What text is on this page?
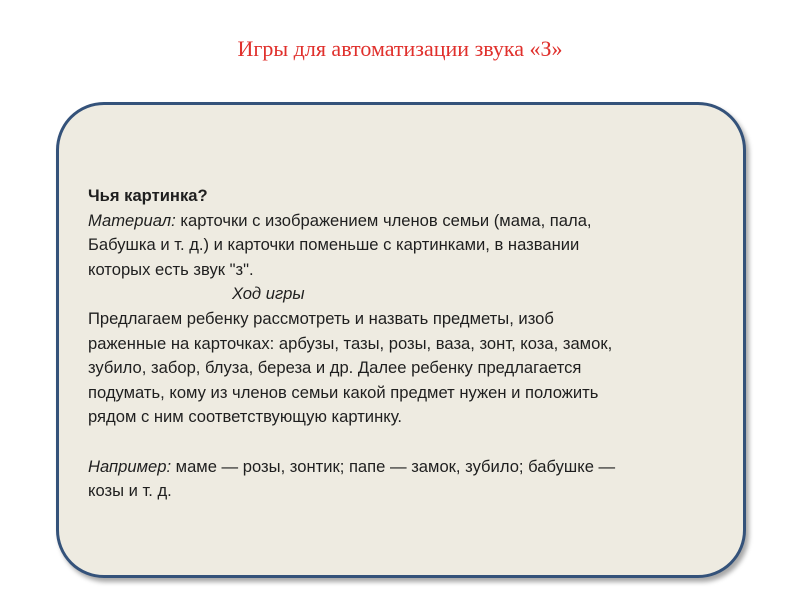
Игры для автоматизации звука «З»
Чья картинка?
Материал: карточки с изображением членов семьи (мама, пала,
Бабушка и т. д.) и карточки поменьше с картинками, в названии
которых есть звук "з".
Ход игры
Предлагаем ребенку рассмотреть и назвать предметы, изоб
раженные на карточках: арбузы, тазы, розы, ваза, зонт, коза, замок,
зубило, забор, блуза, береза и др. Далее ребенку предлагается
подумать, кому из членов семьи какой предмет нужен и положить
рядом с ним соответствующую картинку.
Например: маме — розы, зонтик; папе — замок, зубило; бабушке —
козы и т. д.
